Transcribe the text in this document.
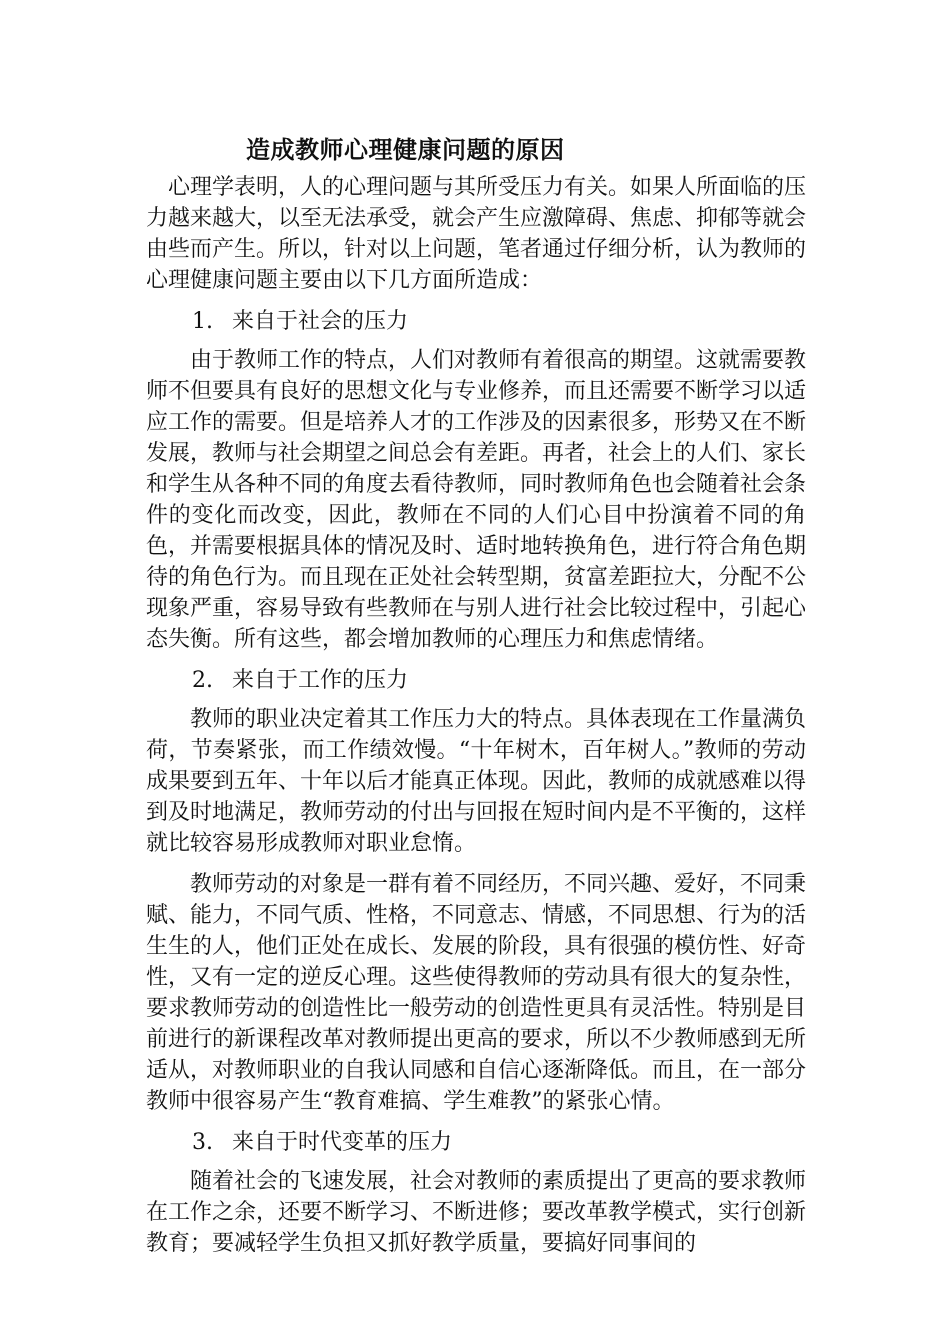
造成教师心理健康问题的原因

心理学表明，人的心理问题与其所受压力有关。如果人所面临的压力越来越大，以至无法承受，就会产生应激障碍、焦虑、抑郁等就会由些而产生。所以，针对以上问题，笔者通过仔细分析，认为教师的心理健康问题主要由以下几方面所造成：

1. 来自于社会的压力

由于教师工作的特点，人们对教师有着很高的期望。这就需要教师不但要具有良好的思想文化与专业修养，而且还需要不断学习以适应工作的需要。但是培养人才的工作涉及的因素很多，形势又在不断发展，教师与社会期望之间总会有差距。再者，社会上的人们、家长和学生从各种不同的角度去看待教师，同时教师角色也会随着社会条件的变化而改变，因此，教师在不同的人们心目中扮演着不同的角色，并需要根据具体的情况及时、适时地转换角色，进行符合角色期待的角色行为。而且现在正处社会转型期，贫富差距拉大，分配不公现象严重，容易导致有些教师在与别人进行社会比较过程中，引起心态失衡。所有这些，都会增加教师的心理压力和焦虑情绪。

2. 来自于工作的压力

教师的职业决定着其工作压力大的特点。具体表现在工作量满负荷，节奏紧张，而工作绩效慢。“十年树木，百年树人。”教师的劳动成果要到五年、十年以后才能真正体现。因此，教师的成就感难以得到及时地满足，教师劳动的付出与回报在短时间内是不平衡的，这样就比较容易形成教师对职业怠惰。

教师劳动的对象是一群有着不同经历，不同兴趣、爱好，不同秉赋、能力，不同气质、性格，不同意志、情感，不同思想、行为的活生生的人，他们正处在成长、发展的阶段，具有很强的模仿性、好奇性，又有一定的逆反心理。这些使得教师的劳动具有很大的复杂性，要求教师劳动的创造性比一般劳动的创造性更具有灵活性。特别是目前进行的新课程改革对教师提出更高的要求，所以不少教师感到无所适从，对教师职业的自我认同感和自信心逐渐降低。而且，在一部分教师中很容易产生“教育难搞、学生难教”的紧张心情。

3. 来自于时代变革的压力

随着社会的飞速发展，社会对教师的素质提出了更高的要求教师在工作之余，还要不断学习、不断进修；要改革教学模式，实行创新教育；要减轻学生负担又抓好教学质量，要搞好同事间的
